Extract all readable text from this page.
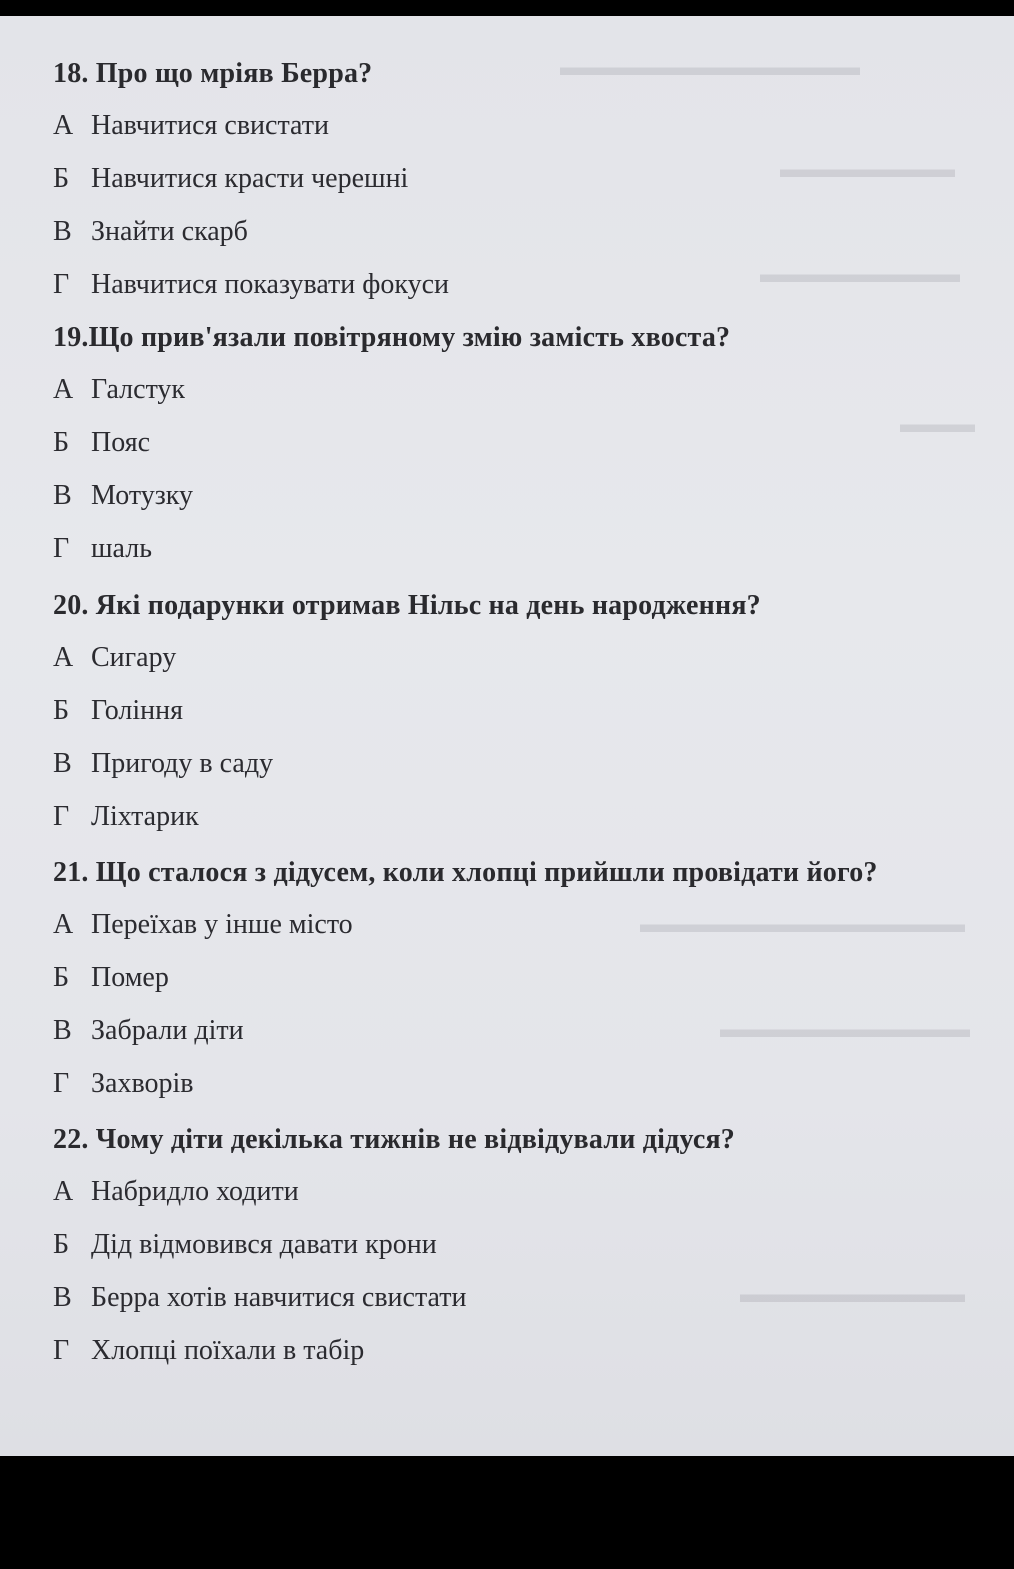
▬▬▬▬▬▬▬▬▬▬▬▬
▬▬▬▬▬▬▬
▬▬▬▬▬▬▬▬
▬▬▬
▬▬▬▬▬▬▬▬▬▬▬▬▬
▬▬▬▬▬▬▬▬▬▬
▬▬▬▬▬▬▬▬▬
18. Про що мріяв Берра?
А Навчитися свистати
Б Навчитися красти черешні
В Знайти скарб
Г Навчитися показувати фокуси
19.Що прив'язали повітряному змію замість хвоста?
А Галстук
Б Пояс
В Мотузку
Г шаль
20. Які подарунки отримав Нільс на день народження?
А Сигару
Б Гоління
В Пригоду в саду
Г Ліхтарик
21. Що сталося з дідусем, коли хлопці прийшли провідати його?
А Переїхав у інше місто
Б Помер
В Забрали діти
Г Захворів
22. Чому діти декілька тижнів не відвідували дідуся?
А Набридло ходити
Б Дід відмовився давати крони
В Берра хотів навчитися свистати
Г Хлопці поїхали в табір
